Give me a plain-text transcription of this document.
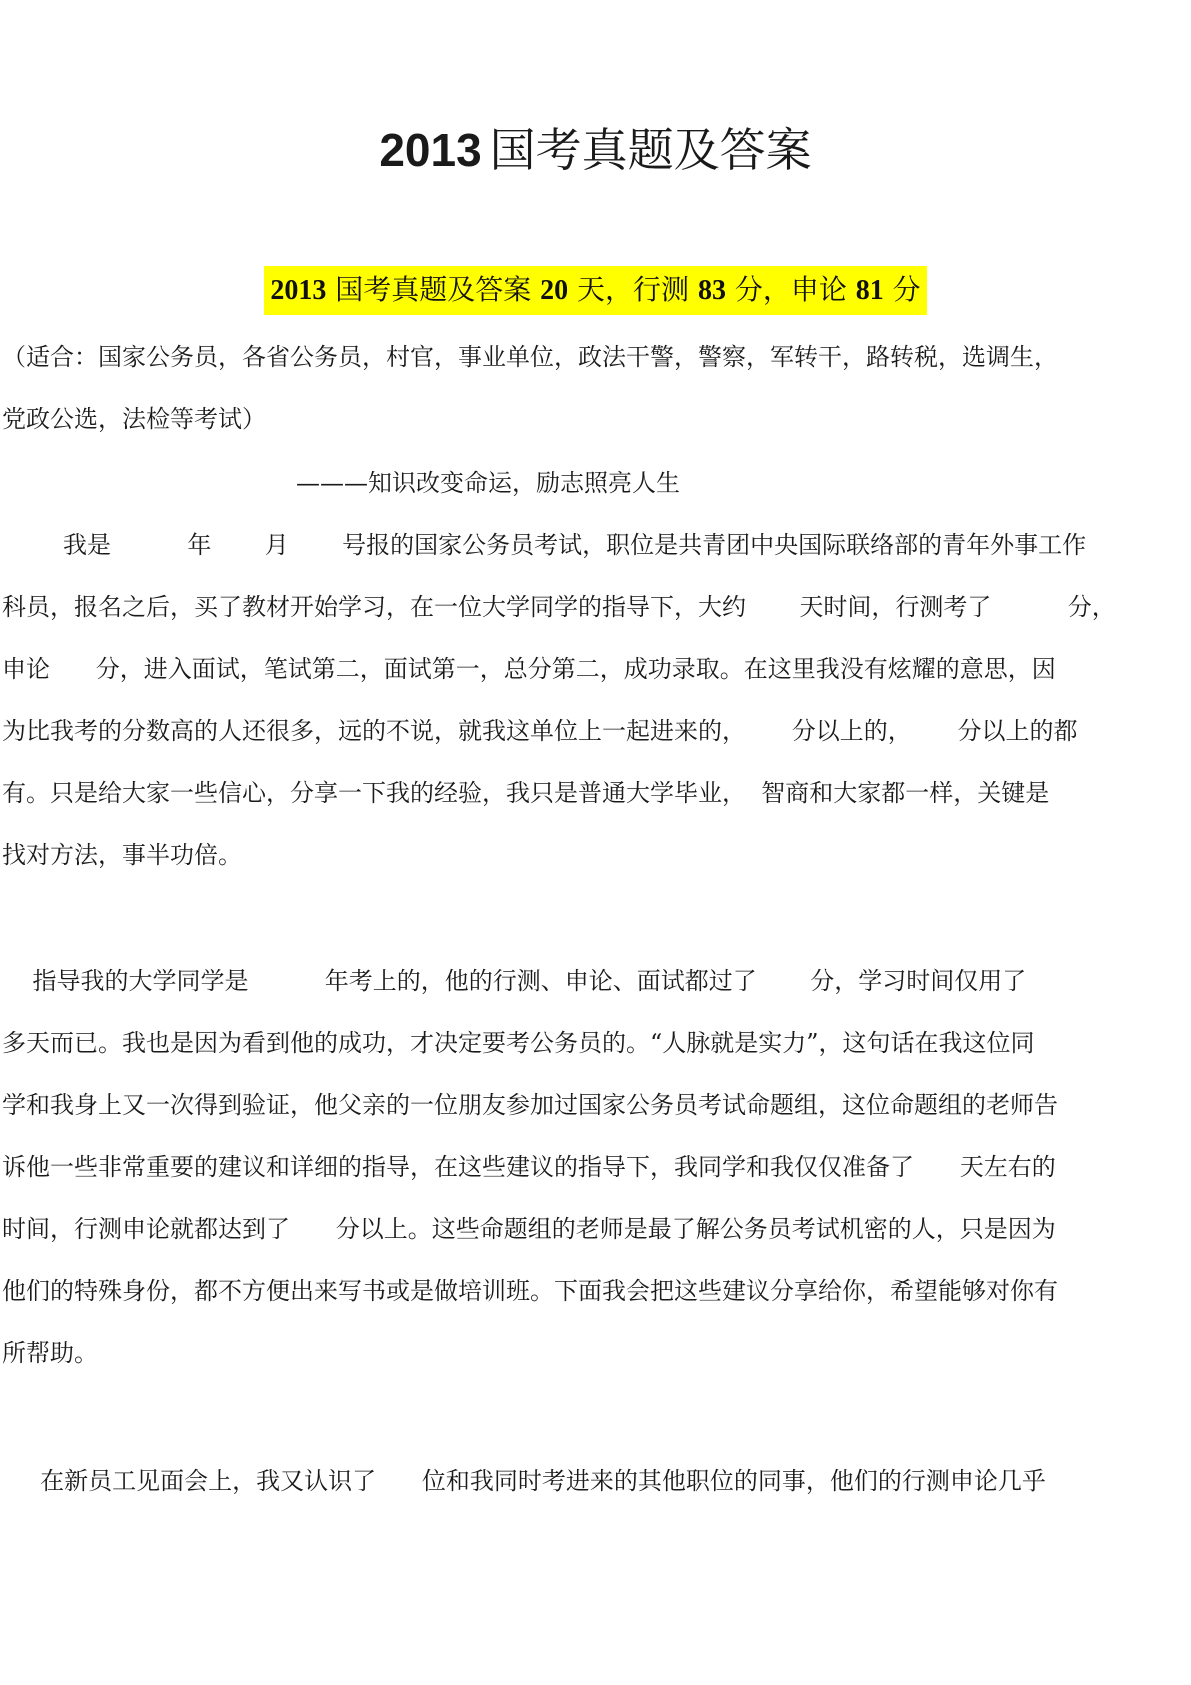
2013 国考真题及答案
2013 国考真题及答案 20 天，行测 83 分，申论 81 分
（适合：国家公务员，各省公务员，村官，事业单位，政法干警，警察，军转干，路转税，选调生，
党政公选，法检等考试）
———知识改变命运，励志照亮人生
我是          年       月       号报的国家公务员考试，职位是共青团中央国际联络部的青年外事工作
科员，报名之后，买了教材开始学习，在一位大学同学的指导下，大约       天时间，行测考了          分，
申论      分，进入面试，笔试第二，面试第一，总分第二，成功录取。在这里我没有炫耀的意思，因
为比我考的分数高的人还很多，远的不说，就我这单位上一起进来的，      分以上的，      分以上的都
有。只是给大家一些信心，分享一下我的经验，我只是普通大学毕业，  智商和大家都一样，关键是
找对方法，事半功倍。
指导我的大学同学是          年考上的，他的行测、申论、面试都过了       分，学习时间仅用了
多天而已。我也是因为看到他的成功，才决定要考公务员的。“人脉就是实力”，这句话在我这位同
学和我身上又一次得到验证，他父亲的一位朋友参加过国家公务员考试命题组，这位命题组的老师告
诉他一些非常重要的建议和详细的指导，在这些建议的指导下，我同学和我仅仅准备了      天左右的
时间，行测申论就都达到了      分以上。这些命题组的老师是最了解公务员考试机密的人，只是因为
他们的特殊身份，都不方便出来写书或是做培训班。下面我会把这些建议分享给你，希望能够对你有
所帮助。
在新员工见面会上，我又认识了      位和我同时考进来的其他职位的同事，他们的行测申论几乎
